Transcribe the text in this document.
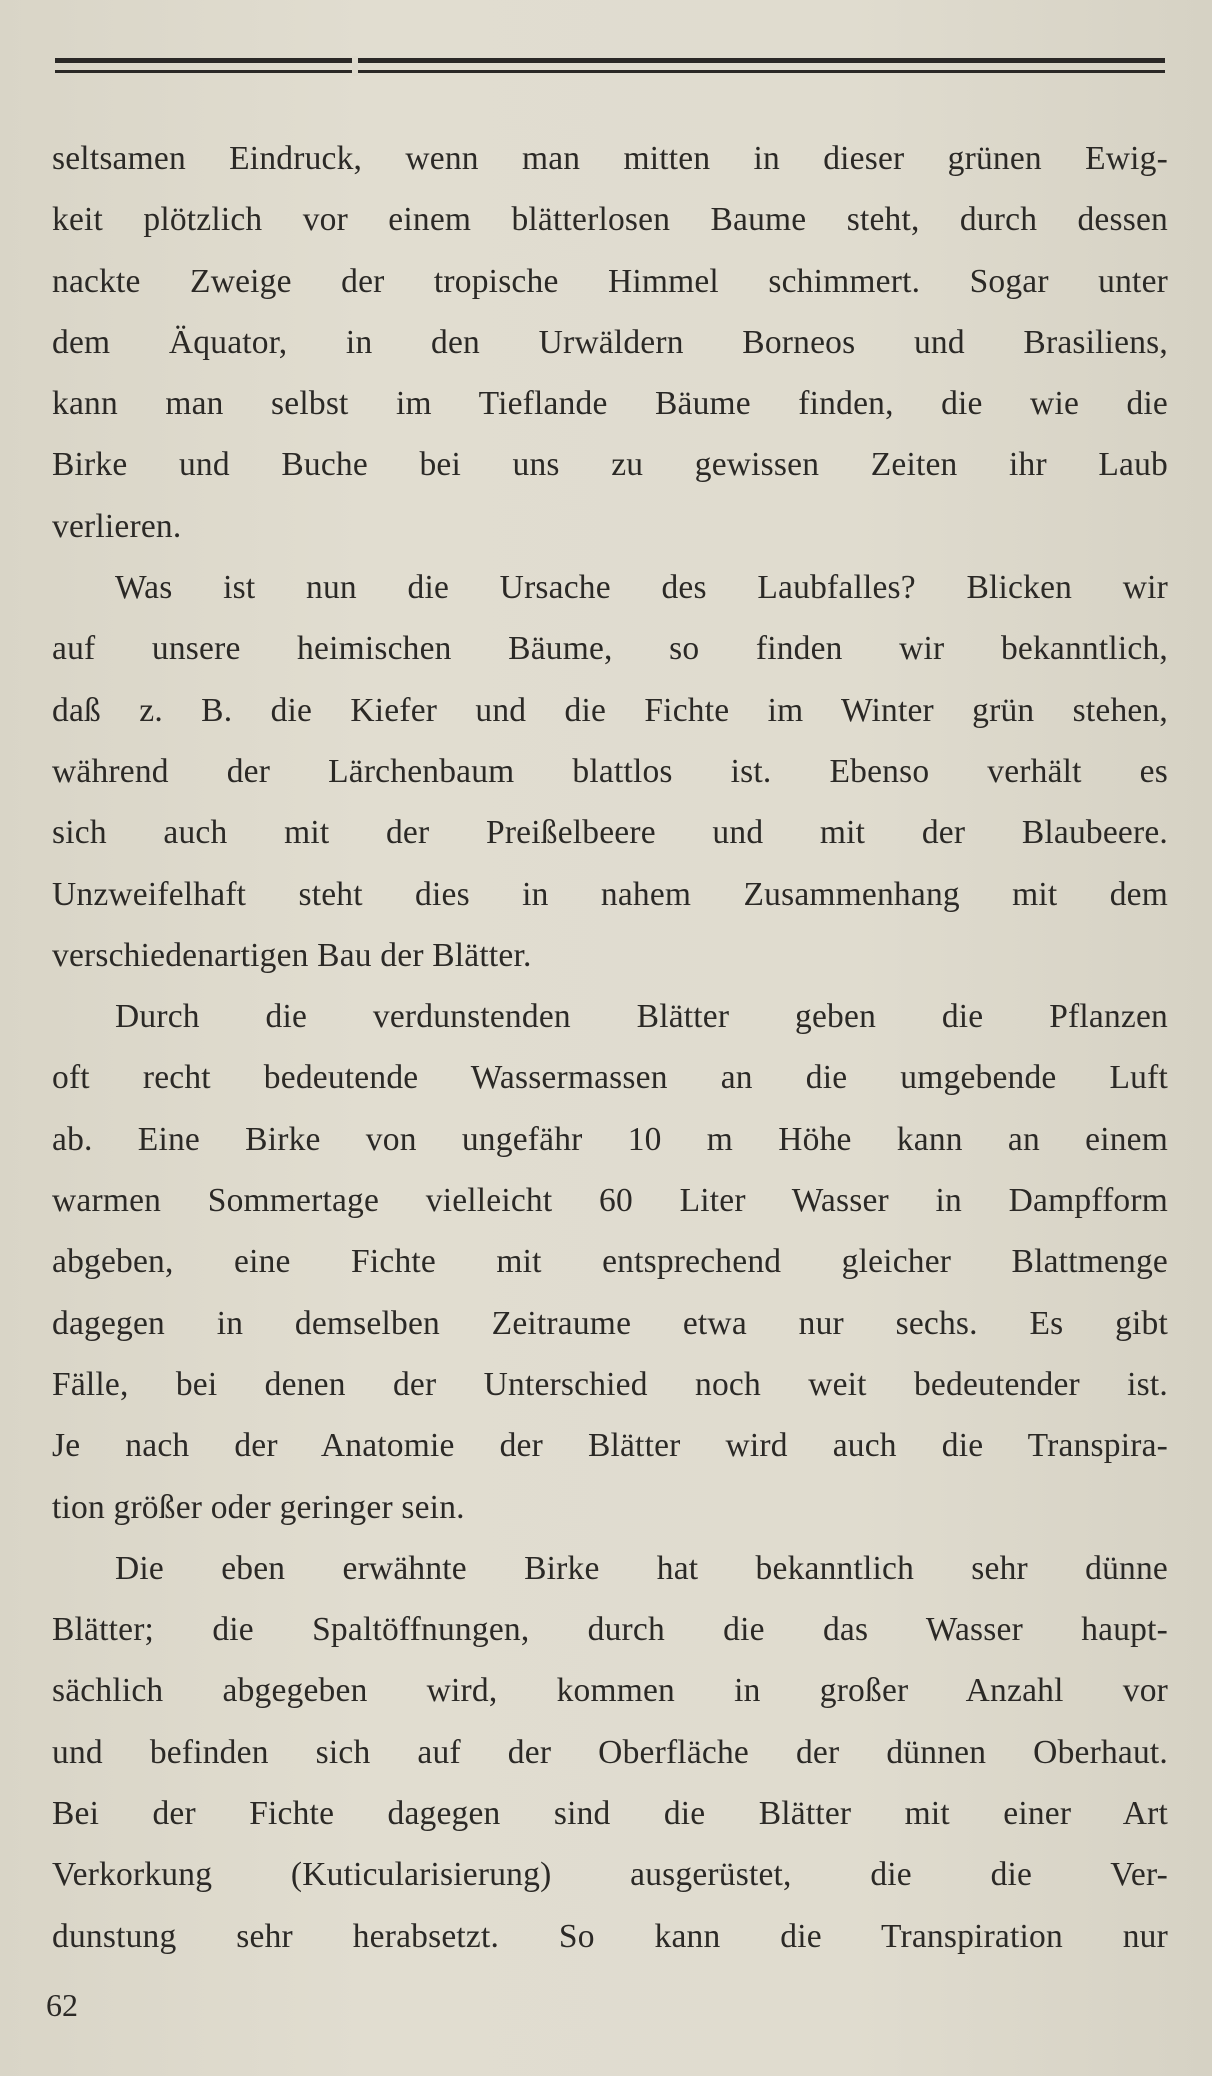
seltsamen Eindruck, wenn man mitten in dieser grünen Ewig-
keit plötzlich vor einem blätterlosen Baume steht, durch dessen
nackte Zweige der tropische Himmel schimmert. Sogar unter
dem Äquator, in den Urwäldern Borneos und Brasiliens,
kann man selbst im Tieflande Bäume finden, die wie die
Birke und Buche bei uns zu gewissen Zeiten ihr Laub
verlieren.
Was ist nun die Ursache des Laubfalles? Blicken wir
auf unsere heimischen Bäume, so finden wir bekanntlich,
daß z. B. die Kiefer und die Fichte im Winter grün stehen,
während der Lärchenbaum blattlos ist. Ebenso verhält es
sich auch mit der Preißelbeere und mit der Blaubeere.
Unzweifelhaft steht dies in nahem Zusammenhang mit dem
verschiedenartigen Bau der Blätter.
Durch die verdunstenden Blätter geben die Pflanzen
oft recht bedeutende Wassermassen an die umgebende Luft
ab. Eine Birke von ungefähr 10 m Höhe kann an einem
warmen Sommertage vielleicht 60 Liter Wasser in Dampfform
abgeben, eine Fichte mit entsprechend gleicher Blattmenge
dagegen in demselben Zeitraume etwa nur sechs. Es gibt
Fälle, bei denen der Unterschied noch weit bedeutender ist.
Je nach der Anatomie der Blätter wird auch die Transpira-
tion größer oder geringer sein.
Die eben erwähnte Birke hat bekanntlich sehr dünne
Blätter; die Spaltöffnungen, durch die das Wasser haupt-
sächlich abgegeben wird, kommen in großer Anzahl vor
und befinden sich auf der Oberfläche der dünnen Oberhaut.
Bei der Fichte dagegen sind die Blätter mit einer Art
Verkorkung (Kuticularisierung) ausgerüstet, die die Ver-
dunstung sehr herabsetzt. So kann die Transpiration nur
62
